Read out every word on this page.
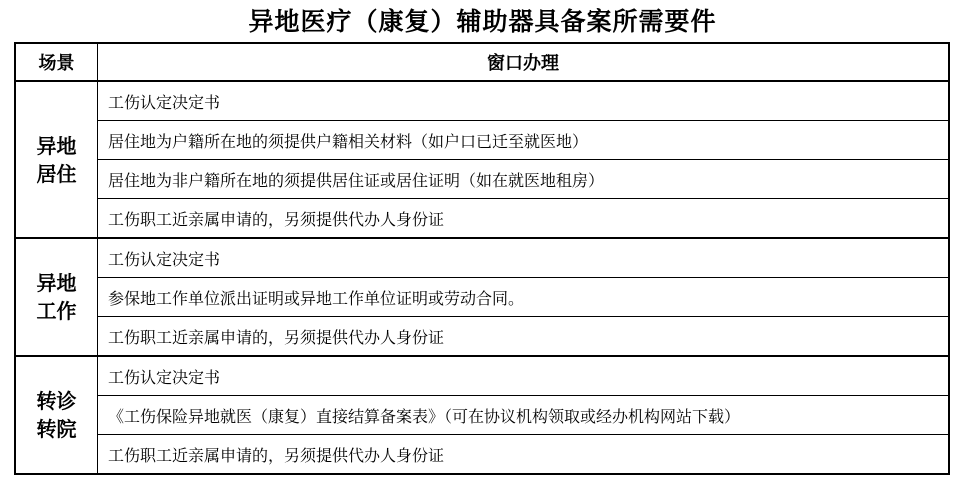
异地医疗（康复）辅助器具备案所需要件
场景	窗口办理
异地居住	工伤认定决定书
	居住地为户籍所在地的须提供户籍相关材料（如户口已迁至就医地）
	居住地为非户籍所在地的须提供居住证或居住证明（如在就医地租房）
	工伤职工近亲属申请的，另须提供代办人身份证
异地工作	工伤认定决定书
	参保地工作单位派出证明或异地工作单位证明或劳动合同。
	工伤职工近亲属申请的，另须提供代办人身份证
转诊转院	工伤认定决定书
	《工伤保险异地就医（康复）直接结算备案表》（可在协议机构领取或经办机构网站下载）
	工伤职工近亲属申请的，另须提供代办人身份证
